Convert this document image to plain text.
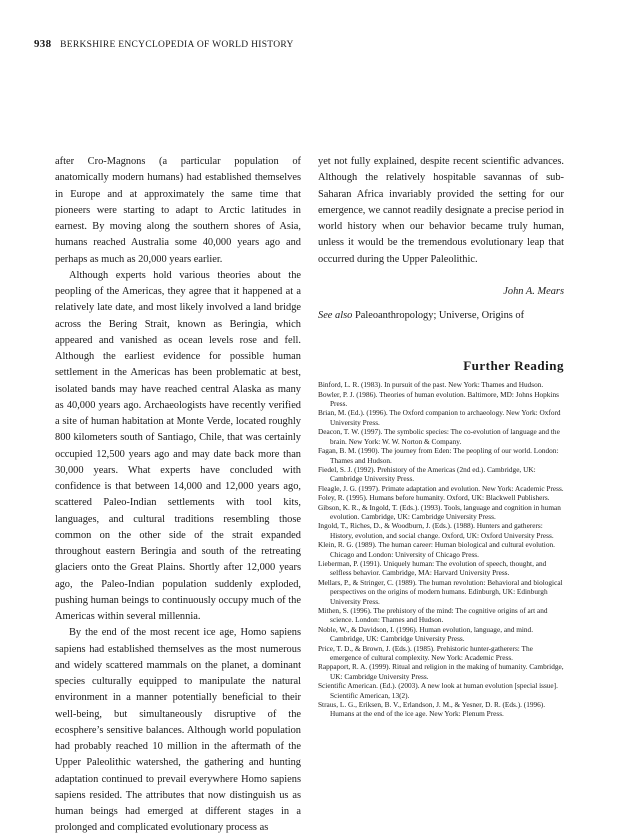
938 BERKSHIRE ENCYCLOPEDIA OF WORLD HISTORY

after Cro-Magnons (a particular population of anatomically modern humans) had established themselves in Europe and at approximately the same time that pioneers were starting to adapt to Arctic latitudes in earnest. By moving along the southern shores of Asia, humans reached Australia some 40,000 years ago and perhaps as much as 20,000 years earlier.

Although experts hold various theories about the peopling of the Americas, they agree that it happened at a relatively late date, and most likely involved a land bridge across the Bering Strait, known as Beringia, which appeared and vanished as ocean levels rose and fell. Although the earliest evidence for possible human settlement in the Americas has been problematic at best, isolated bands may have reached central Alaska as many as 40,000 years ago. Archaeologists have recently verified a site of human habitation at Monte Verde, located roughly 800 kilometers south of Santiago, Chile, that was certainly occupied 12,500 years ago and may date back more than 30,000 years. What experts have concluded with confidence is that between 14,000 and 12,000 years ago, scattered Paleo-Indian settlements with tool kits, languages, and cultural traditions resembling those common on the other side of the strait expanded throughout eastern Beringia and south of the retreating glaciers onto the Great Plains. Shortly after 12,000 years ago, the Paleo-Indian population suddenly exploded, pushing human beings to continuously occupy much of the Americas within several millennia.

By the end of the most recent ice age, Homo sapiens sapiens had established themselves as the most numerous and widely scattered mammals on the planet, a dominant species culturally equipped to manipulate the natural environment in a manner potentially beneficial to their well-being, but simultaneously disruptive of the ecosphere’s sensitive balances. Although world population had probably reached 10 million in the aftermath of the Upper Paleolithic watershed, the gathering and hunting adaptation continued to prevail everywhere Homo sapiens sapiens resided. The attributes that now distinguish us as human beings had emerged at different stages in a prolonged and complicated evolutionary process as

yet not fully explained, despite recent scientific advances. Although the relatively hospitable savannas of sub-Saharan Africa invariably provided the setting for our emergence, we cannot readily designate a precise period in world history when our behavior became truly human, unless it would be the tremendous evolutionary leap that occurred during the Upper Paleolithic.

John A. Mears

See also Paleoanthropology; Universe, Origins of

Further Reading

Binford, L. R. (1983). In pursuit of the past. New York: Thames and Hudson.

Bowler, P. J. (1986). Theories of human evolution. Baltimore, MD: Johns Hopkins Press.

Brian, M. (Ed.). (1996). The Oxford companion to archaeology. New York: Oxford University Press.

Deacon, T. W. (1997). The symbolic species: The co-evolution of language and the brain. New York: W. W. Norton & Company.

Fagan, B. M. (1990). The journey from Eden: The peopling of our world. London: Thames and Hudson.

Fiedel, S. J. (1992). Prehistory of the Americas (2nd ed.). Cambridge, UK: Cambridge University Press.

Fleagle, J. G. (1997). Primate adaptation and evolution. New York: Academic Press.

Foley, R. (1995). Humans before humanity. Oxford, UK: Blackwell Publishers.

Gibson, K. R., & Ingold, T. (Eds.). (1993). Tools, language and cognition in human evolution. Cambridge, UK: Cambridge University Press.

Ingold, T., Riches, D., & Woodburn, J. (Eds.). (1988). Hunters and gatherers: History, evolution, and social change. Oxford, UK: Oxford University Press.

Klein, R. G. (1989). The human career: Human biological and cultural evolution. Chicago and London: University of Chicago Press.

Lieberman, P. (1991). Uniquely human: The evolution of speech, thought, and selfless behavior. Cambridge, MA: Harvard University Press.

Mellars, P., & Stringer, C. (1989). The human revolution: Behavioral and biological perspectives on the origins of modern humans. Edinburgh, UK: Edinburgh University Press.

Mithen, S. (1996). The prehistory of the mind: The cognitive origins of art and science. London: Thames and Hudson.

Noble, W., & Davidson, I. (1996). Human evolution, language, and mind. Cambridge, UK: Cambridge University Press.

Price, T. D., & Brown, J. (Eds.). (1985). Prehistoric hunter-gatherers: The emergence of cultural complexity. New York: Academic Press.

Rappaport, R. A. (1999). Ritual and religion in the making of humanity. Cambridge, UK: Cambridge University Press.

Scientific American. (Ed.). (2003). A new look at human evolution [special issue]. Scientific American, 13(2).

Straus, L. G., Eriksen, B. V., Erlandson, J. M., & Yesner, D. R. (Eds.). (1996). Humans at the end of the ice age. New York: Plenum Press.
